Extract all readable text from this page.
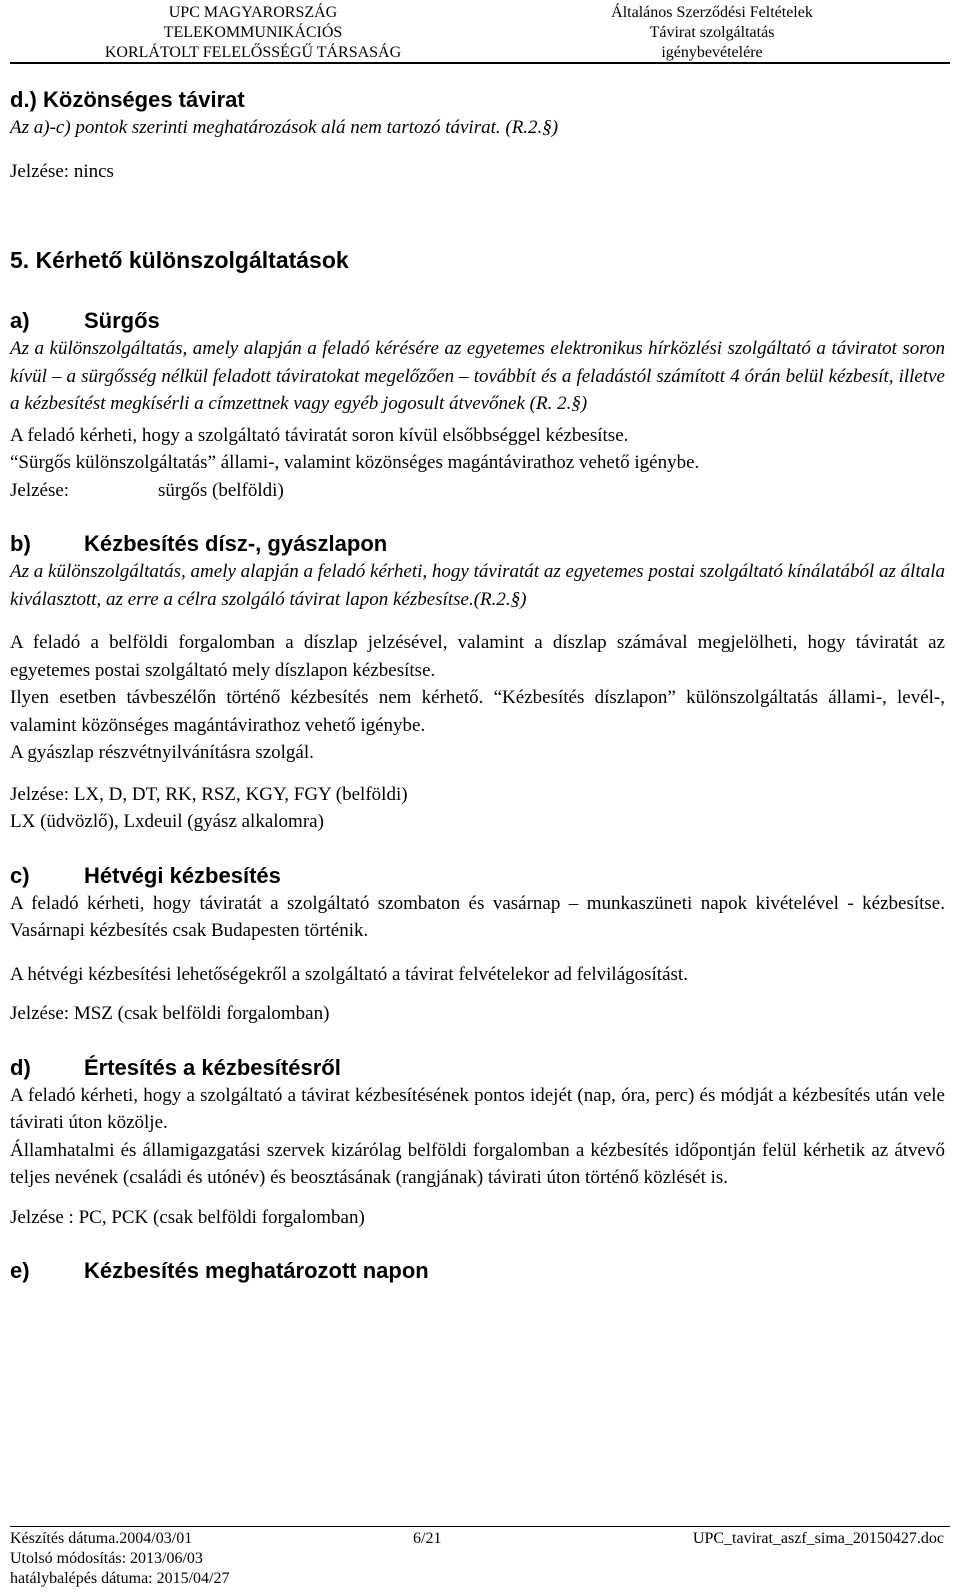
UPC MAGYARORSZÁG
TELEKOMMUNIKÁCIÓS
KORLÁTOLT FELELŐSSÉGŰ TÁRSASÁG
Általános Szerződési Feltételek
Távirat szolgáltatás
igénybevételére
d.) Közönséges távirat

Az a)-c) pontok szerinti meghatározások alá nem tartozó távirat. (R.2.§)

Jelzése: nincs

5. Kérhető különszolgáltatások
a)	Sürgős

Az a különszolgáltatás, amely alapján a feladó kérésére az egyetemes elektronikus hírközlési szolgáltató a táviratot soron kívül – a sürgősség nélkül feladott táviratokat megelőzően – továbbít és a feladástól számított 4 órán belül kézbesít, illetve a kézbesítést megkísérli a címzettnek vagy egyéb jogosult átvevőnek (R. 2.§)

A feladó kérheti, hogy a szolgáltató táviratát soron kívül elsőbbséggel kézbesítse.

“Sürgős különszolgáltatás” állami-, valamint közönséges magántávirathoz vehető igénybe.

Jelzése:	sürgős (belföldi)

b)	Kézbesítés dísz-, gyászlapon

Az a különszolgáltatás, amely alapján a feladó kérheti, hogy táviratát az egyetemes postai szolgáltató kínálatából az általa kiválasztott, az erre a célra szolgáló távirat lapon kézbesítse.(R.2.§)

A feladó a belföldi forgalomban a díszlap jelzésével, valamint a díszlap számával megjelölheti, hogy táviratát az egyetemes postai szolgáltató mely díszlapon kézbesítse.

Ilyen esetben távbeszélőn történő kézbesítés nem kérhető. “Kézbesítés díszlapon” különszolgáltatás állami-, levél-, valamint közönséges magántávirathoz vehető igénybe.

A gyászlap részvétnyilvánításra szolgál.

Jelzése: LX, D, DT, RK, RSZ, KGY, FGY (belföldi)

LX (üdvözlő), Lxdeuil (gyász alkalomra)

c)	Hétvégi kézbesítés

A feladó kérheti, hogy táviratát a szolgáltató szombaton és vasárnap – munkaszüneti napok kivételével - kézbesítse. Vasárnapi kézbesítés csak Budapesten történik.

A hétvégi kézbesítési lehetőségekről a szolgáltató a távirat felvételekor ad felvilágosítást.

Jelzése: MSZ (csak belföldi forgalomban)

d)	Értesítés a kézbesítésről

A feladó kérheti, hogy a szolgáltató a távirat kézbesítésének pontos idejét (nap, óra, perc) és módját a kézbesítés után vele távirati úton közölje.

Államhatalmi és államigazgatási szervek kizárólag belföldi forgalomban a kézbesítés időpontján felül kérhetik az átvevő teljes nevének (családi és utónév) és beosztásának (rangjának) távirati úton történő közlését is.

Jelzése : PC, PCK (csak belföldi forgalomban)

e)	Kézbesítés meghatározott napon
Készítés dátuma.2004/03/01
Utolsó módosítás: 2013/06/03
hatálybalépés dátuma: 2015/04/27
6/21	UPC_tavirat_aszf_sima_20150427.doc
